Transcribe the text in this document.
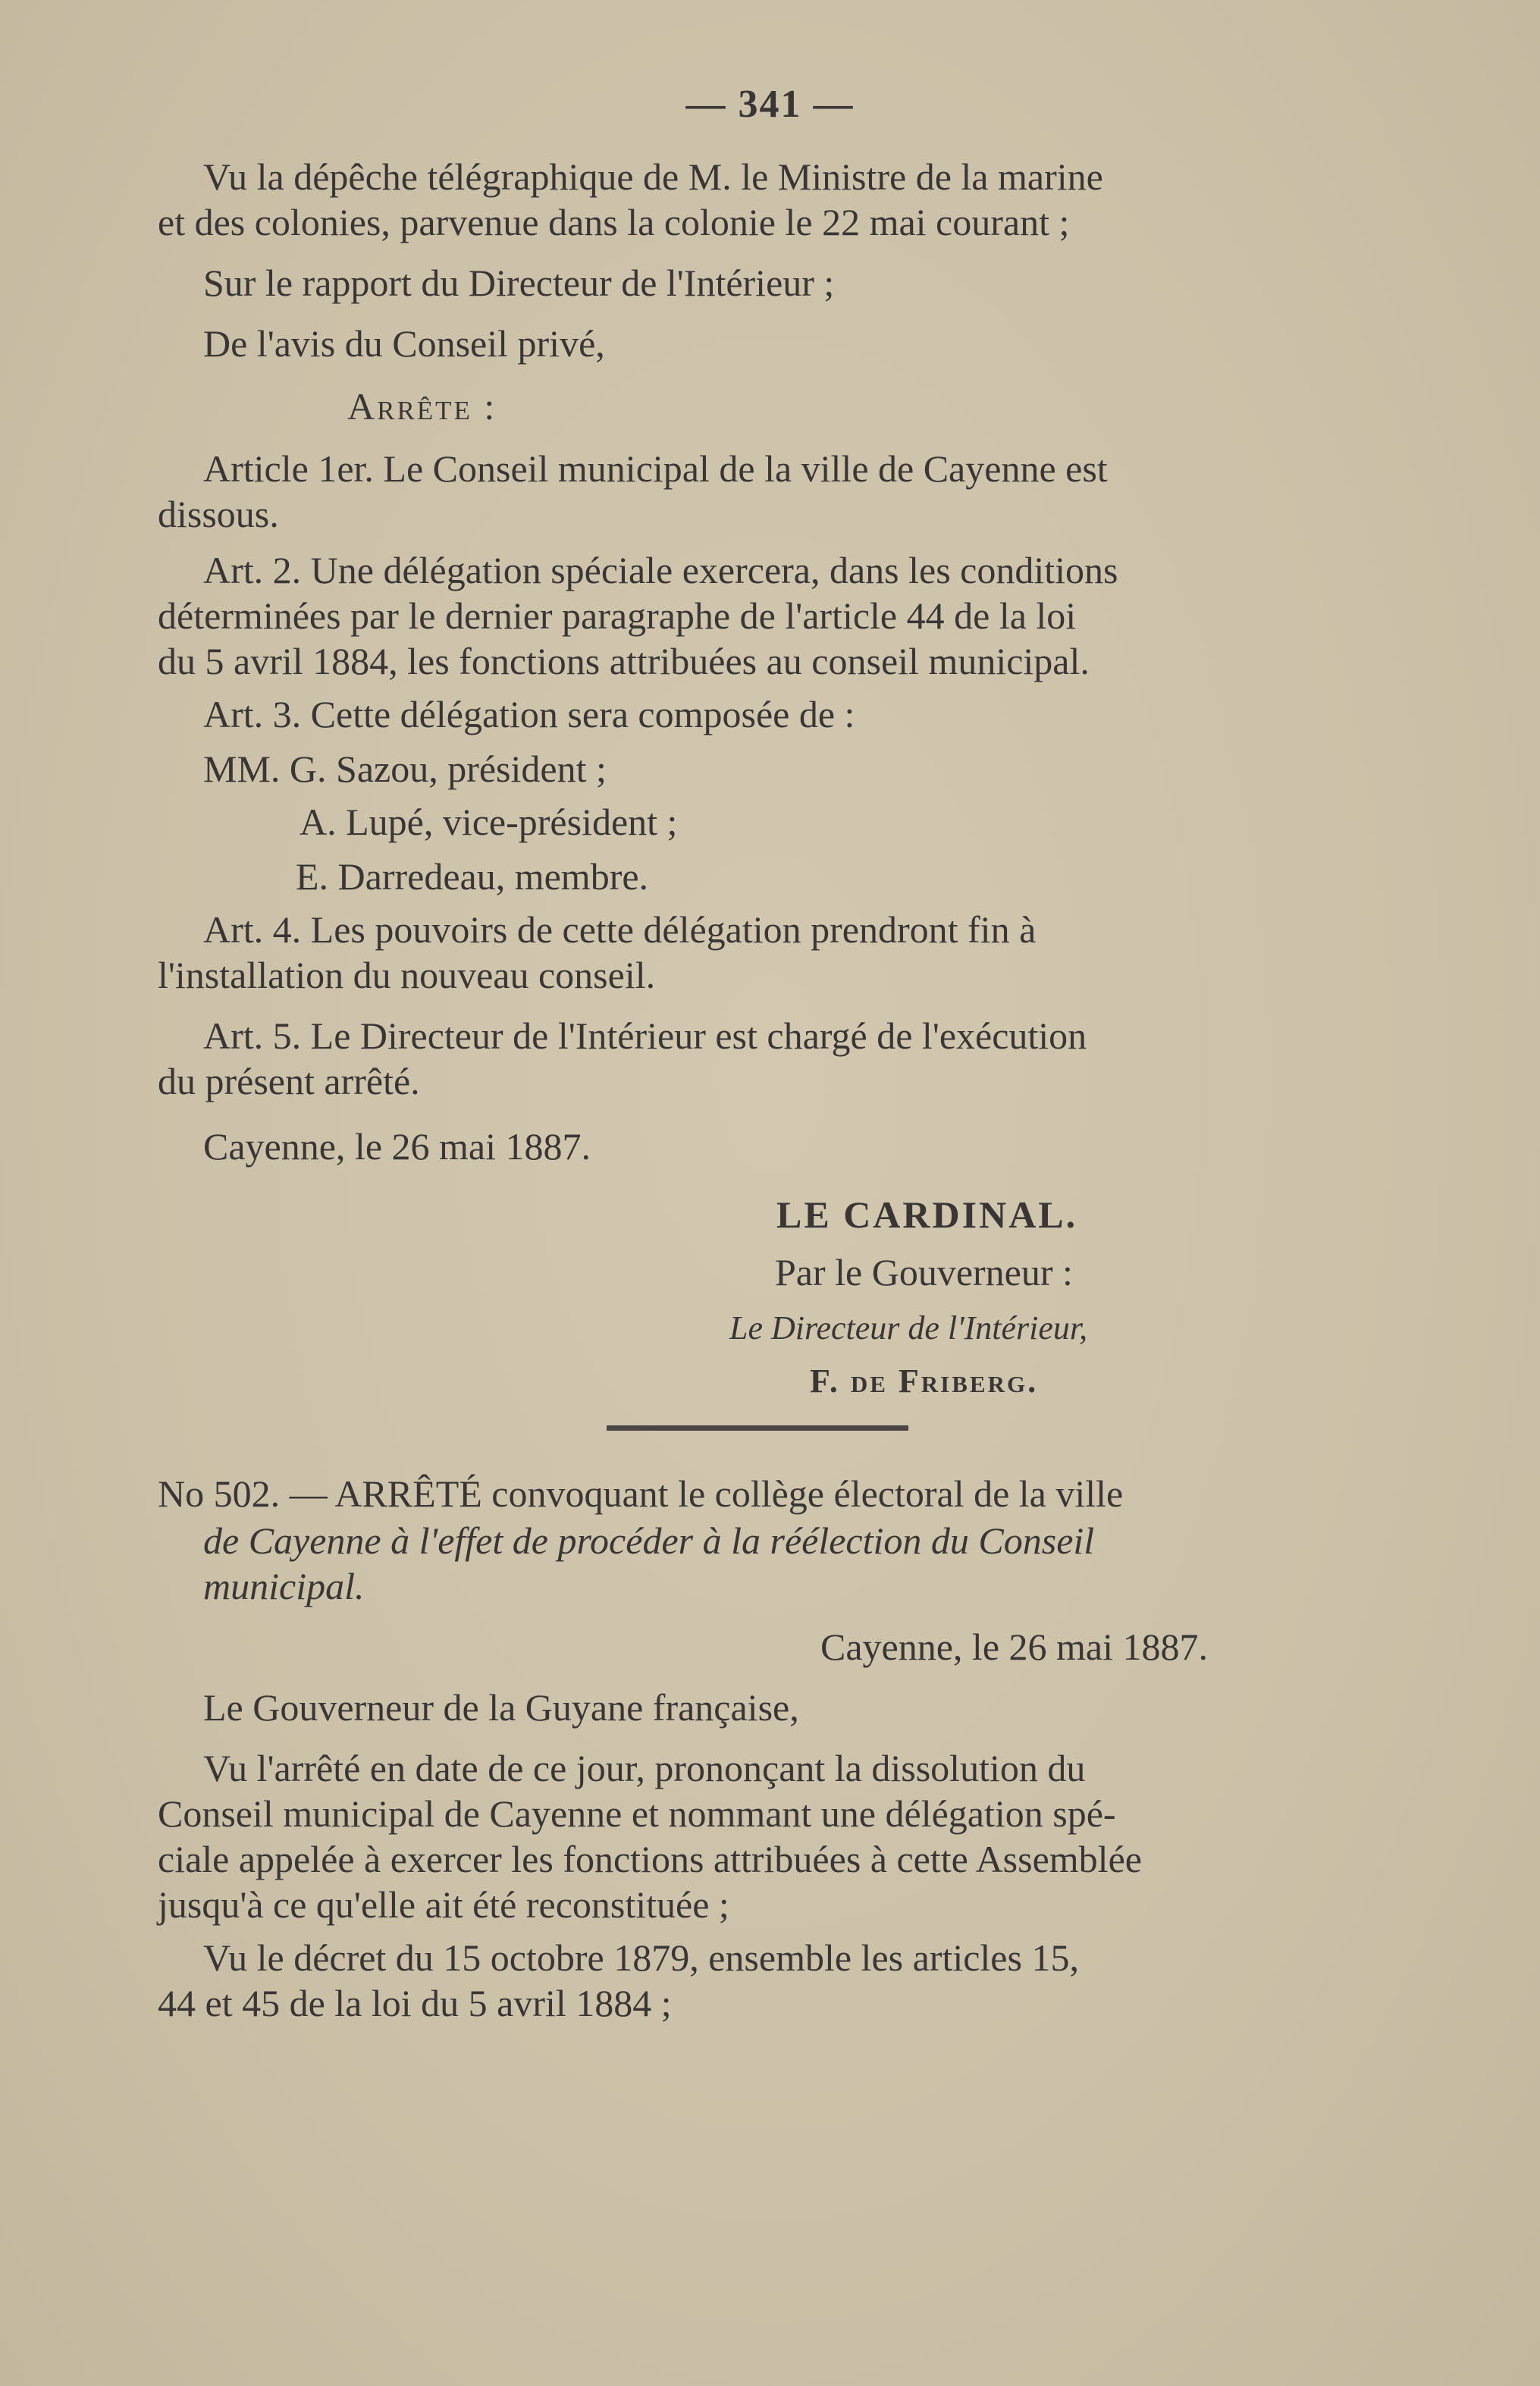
— 341 —
Vu la dépêche télégraphique de M. le Ministre de la marine
et des colonies, parvenue dans la colonie le 22 mai courant ;
Sur le rapport du Directeur de l'Intérieur ;
De l'avis du Conseil privé,
Arrête :
Article 1er. Le Conseil municipal de la ville de Cayenne est
dissous.
Art. 2. Une délégation spéciale exercera, dans les conditions
déterminées par le dernier paragraphe de l'article 44 de la loi
du 5 avril 1884, les fonctions attribuées au conseil municipal.
Art. 3. Cette délégation sera composée de :
MM. G. Sazou, président ;
A. Lupé, vice-président ;
E. Darredeau, membre.
Art. 4. Les pouvoirs de cette délégation prendront fin à
l'installation du nouveau conseil.
Art. 5. Le Directeur de l'Intérieur est chargé de l'exécution
du présent arrêté.
Cayenne, le 26 mai 1887.
LE CARDINAL.
Par le Gouverneur :
Le Directeur de l'Intérieur,
F. de Friberg.
No 502. — ARRÊTÉ convoquant le collège électoral de la ville
de Cayenne à l'effet de procéder à la réélection du Conseil
municipal.
Cayenne, le 26 mai 1887.
Le Gouverneur de la Guyane française,
Vu l'arrêté en date de ce jour, prononçant la dissolution du
Conseil municipal de Cayenne et nommant une délégation spé-
ciale appelée à exercer les fonctions attribuées à cette Assemblée
jusqu'à ce qu'elle ait été reconstituée ;
Vu le décret du 15 octobre 1879, ensemble les articles 15,
44 et 45 de la loi du 5 avril 1884 ;
